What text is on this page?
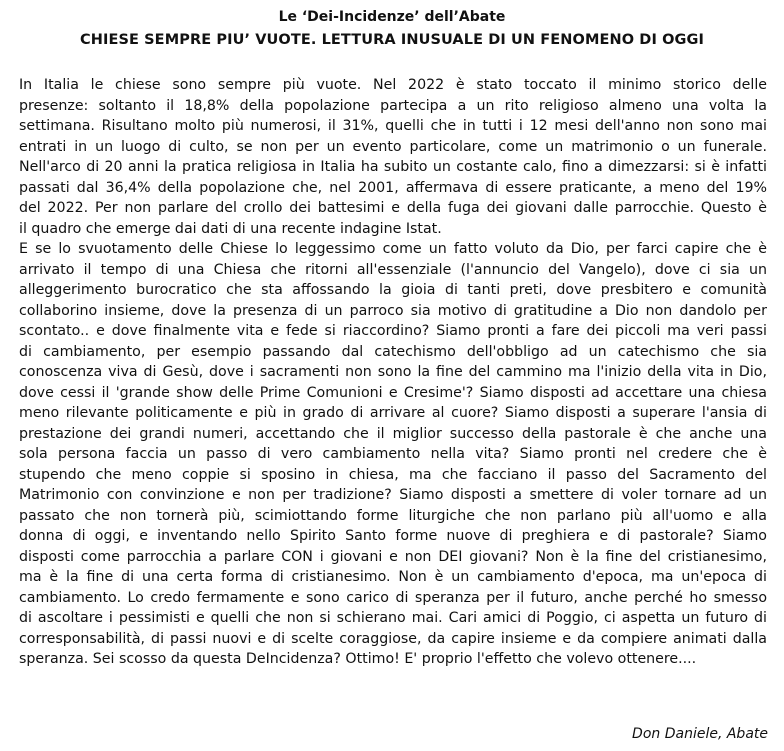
Le ‘Dei-Incidenze’ dell’Abate

CHIESE SEMPRE PIU’ VUOTE. LETTURA INUSUALE DI UN FENOMENO DI OGGI

In Italia le chiese sono sempre più vuote. Nel 2022 è stato toccato il minimo storico delle
presenze: soltanto il 18,8% della popolazione partecipa a un rito religioso almeno una volta la
settimana. Risultano molto più numerosi, il 31%, quelli che in tutti i 12 mesi dell'anno non sono mai
entrati in un luogo di culto, se non per un evento particolare, come un matrimonio o un funerale.
Nell'arco di 20 anni la pratica religiosa in Italia ha subito un costante calo, fino a dimezzarsi: si è infatti
passati dal 36,4% della popolazione che, nel 2001, affermava di essere praticante, a meno del 19%
del 2022. Per non parlare del crollo dei battesimi e della fuga dei giovani dalle parrocchie. Questo è
il quadro che emerge dai dati di una recente indagine Istat.
E se lo svuotamento delle Chiese lo leggessimo come un fatto voluto da Dio, per farci capire che è
arrivato il tempo di una Chiesa che ritorni all'essenziale (l'annuncio del Vangelo), dove ci sia un
alleggerimento burocratico che sta affossando la gioia di tanti preti, dove presbitero e comunità
collaborino insieme, dove la presenza di un parroco sia motivo di gratitudine a Dio non dandolo per
scontato.. e dove finalmente vita e fede si riaccordino? Siamo pronti a fare dei piccoli ma veri passi
di cambiamento, per esempio passando dal catechismo dell'obbligo ad un catechismo che sia
conoscenza viva di Gesù, dove i sacramenti non sono la fine del cammino ma l'inizio della vita in Dio,
dove cessi il 'grande show delle Prime Comunioni e Cresime'? Siamo disposti ad accettare una chiesa
meno rilevante politicamente e più in grado di arrivare al cuore? Siamo disposti a superare l'ansia di
prestazione dei grandi numeri, accettando che il miglior successo della pastorale è che anche una
sola persona faccia un passo di vero cambiamento nella vita? Siamo pronti nel credere che è
stupendo che meno coppie si sposino in chiesa, ma che facciano il passo del Sacramento del
Matrimonio con convinzione e non per tradizione? Siamo disposti a smettere di voler tornare ad un
passato che non tornerà più, scimiottando forme liturgiche che non parlano più all'uomo e alla
donna di oggi, e inventando nello Spirito Santo forme nuove di preghiera e di pastorale? Siamo
disposti come parrocchia a parlare CON i giovani e non DEI giovani? Non è la fine del cristianesimo,
ma è la fine di una certa forma di cristianesimo. Non è un cambiamento d'epoca, ma un'epoca di
cambiamento. Lo credo fermamente e sono carico di speranza per il futuro, anche perché ho smesso
di ascoltare i pessimisti e quelli che non si schierano mai. Cari amici di Poggio, ci aspetta un futuro di
corresponsabilità, di passi nuovi e di scelte coraggiose, da capire insieme e da compiere animati dalla
speranza. Sei scosso da questa DeIncidenza? Ottimo! E' proprio l'effetto che volevo ottenere....

Don Daniele, Abate
